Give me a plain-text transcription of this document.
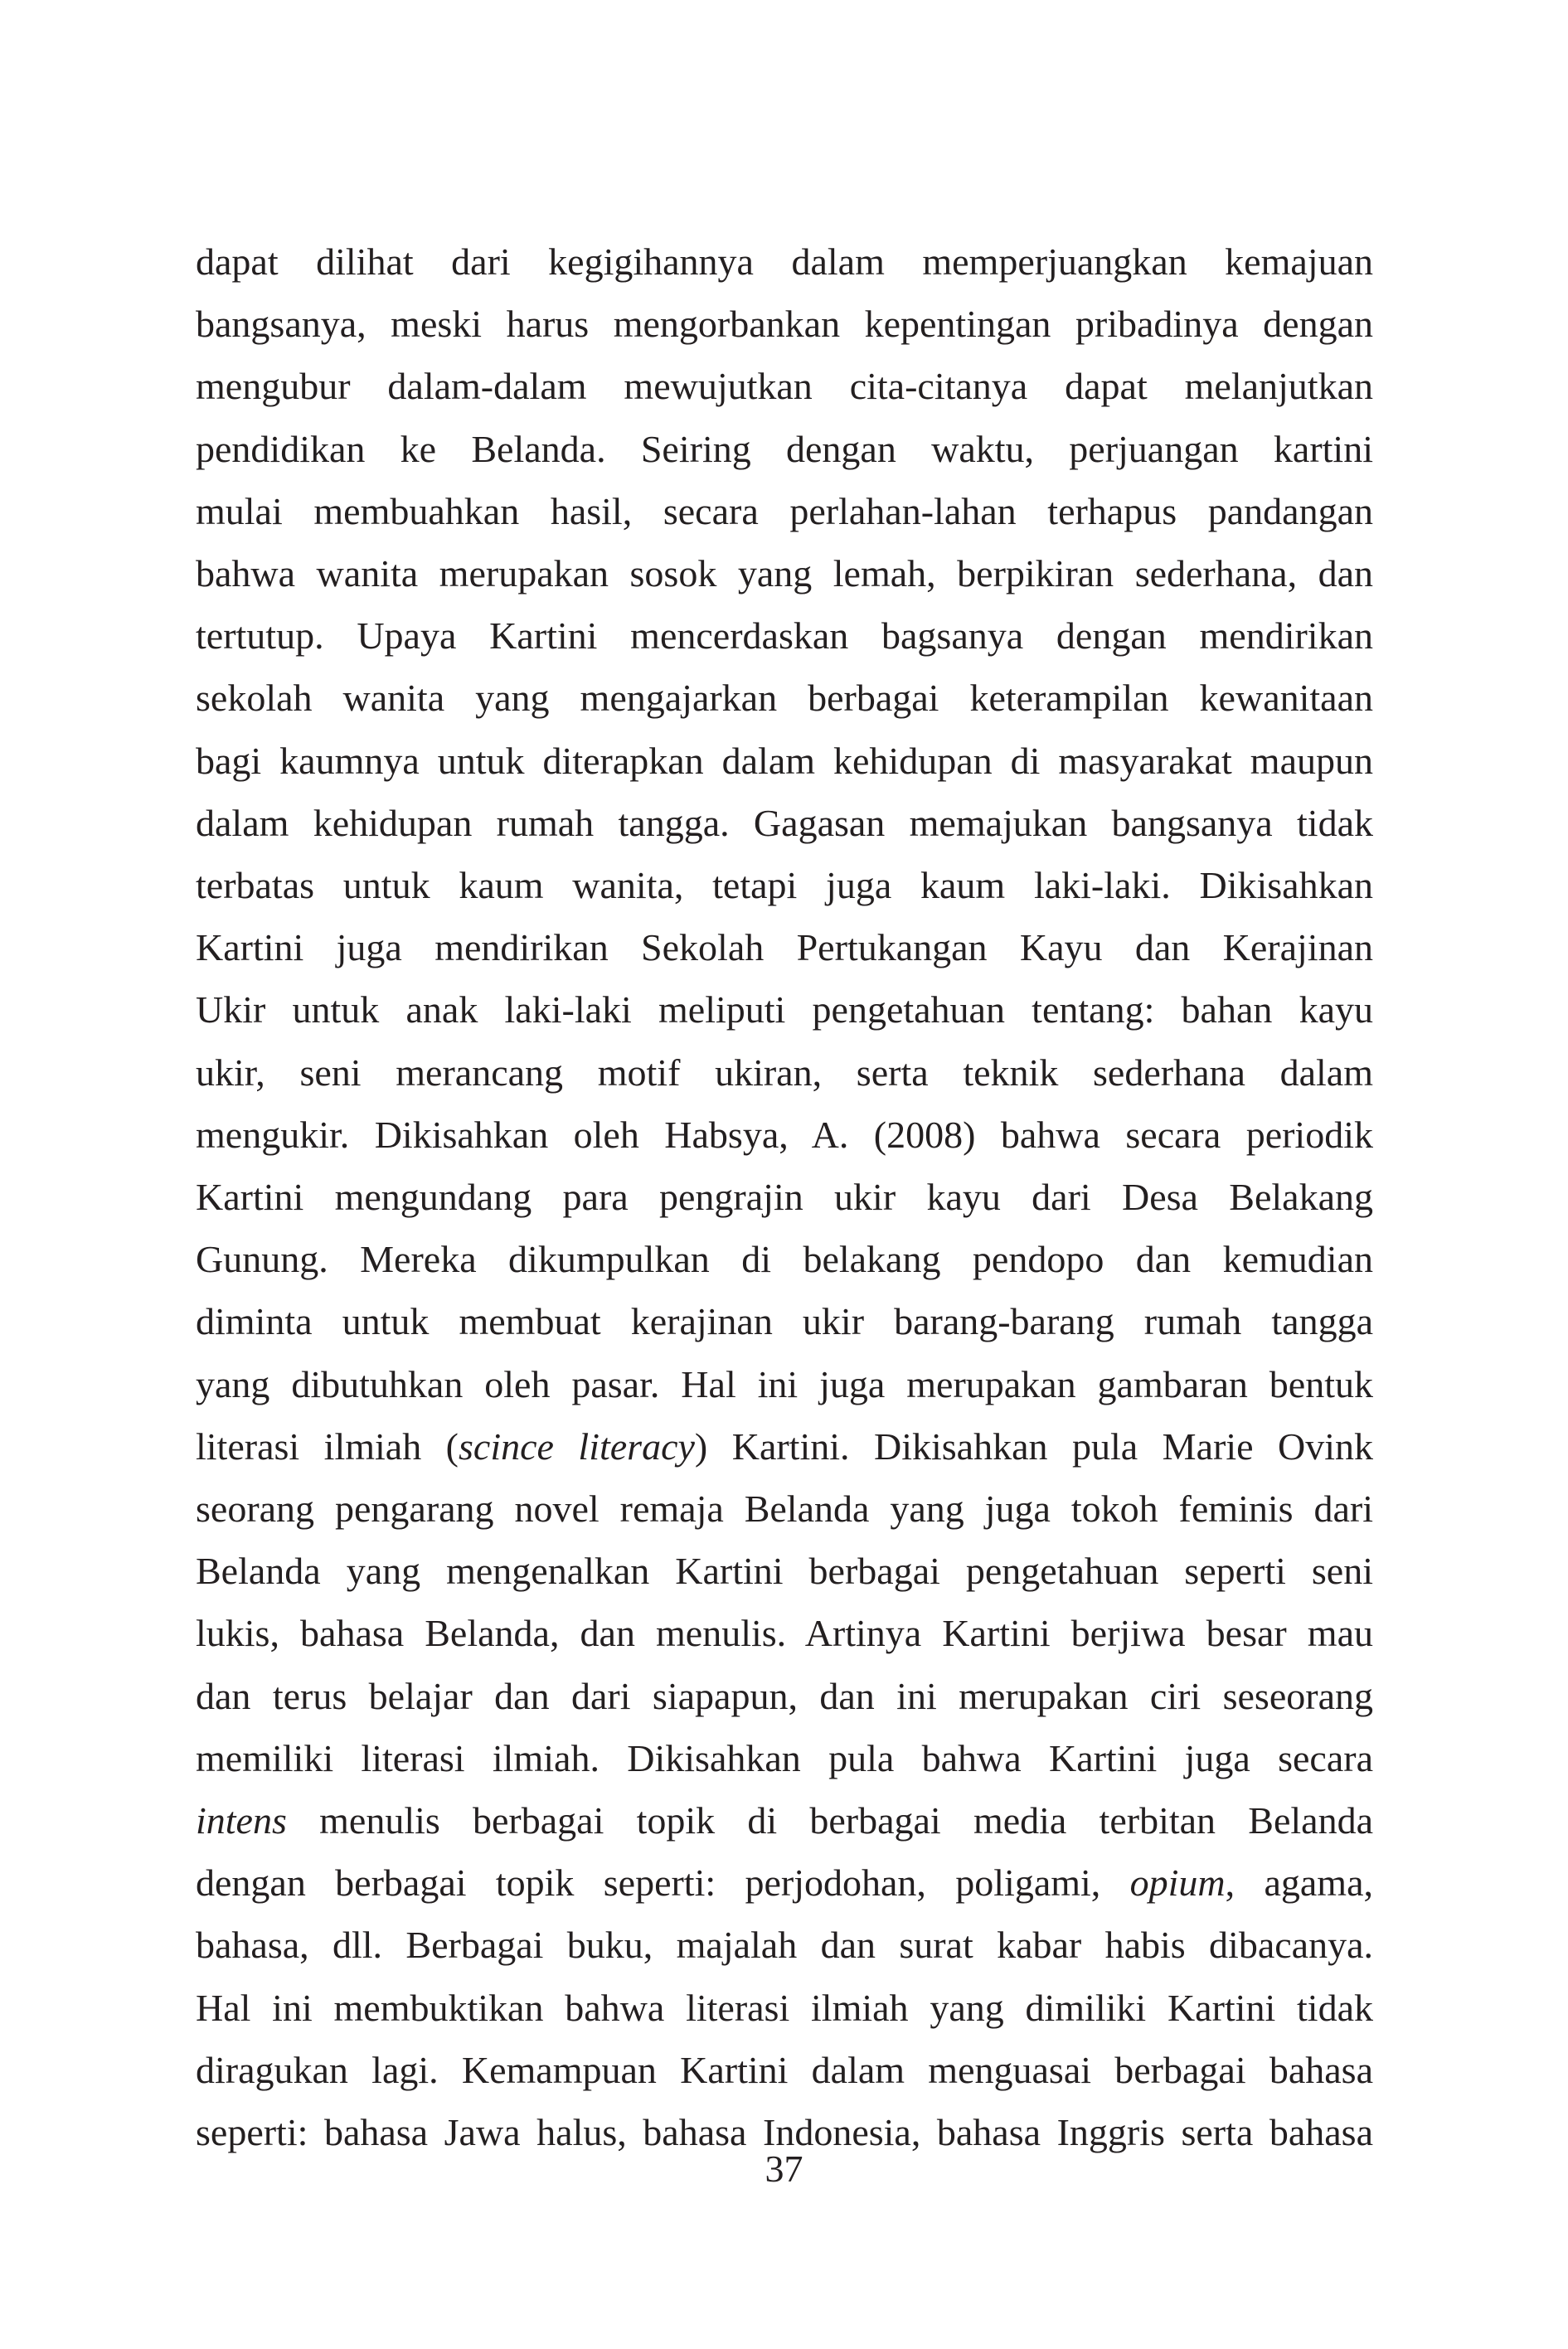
dapat dilihat dari kegigihannya dalam memperjuangkan kemajuan
bangsanya, meski harus mengorbankan kepentingan pribadinya dengan
mengubur dalam-dalam mewujutkan cita-citanya dapat melanjutkan
pendidikan ke Belanda. Seiring dengan waktu, perjuangan kartini
mulai membuahkan hasil, secara perlahan-lahan terhapus pandangan
bahwa wanita merupakan sosok yang lemah, berpikiran sederhana, dan
tertutup. Upaya Kartini mencerdaskan bagsanya dengan mendirikan
sekolah wanita yang mengajarkan berbagai keterampilan kewanitaan
bagi kaumnya untuk diterapkan dalam kehidupan di masyarakat maupun
dalam kehidupan rumah tangga. Gagasan memajukan bangsanya tidak
terbatas untuk kaum wanita, tetapi juga kaum laki-laki. Dikisahkan
Kartini juga mendirikan Sekolah Pertukangan Kayu dan Kerajinan
Ukir untuk anak laki-laki meliputi pengetahuan tentang: bahan kayu
ukir, seni merancang motif ukiran, serta teknik sederhana dalam
mengukir. Dikisahkan oleh Habsya, A. (2008) bahwa secara periodik
Kartini mengundang para pengrajin ukir kayu dari Desa Belakang
Gunung. Mereka dikumpulkan di belakang pendopo dan kemudian
diminta untuk membuat kerajinan ukir barang-barang rumah tangga
yang dibutuhkan oleh pasar. Hal ini juga merupakan gambaran bentuk
literasi ilmiah (scince literacy) Kartini. Dikisahkan pula Marie Ovink
seorang pengarang novel remaja Belanda yang juga tokoh feminis dari
Belanda yang mengenalkan Kartini berbagai pengetahuan seperti seni
lukis, bahasa Belanda, dan menulis. Artinya Kartini berjiwa besar mau
dan terus belajar dan dari siapapun, dan ini merupakan ciri seseorang
memiliki literasi ilmiah. Dikisahkan pula bahwa Kartini juga secara
intens menulis berbagai topik di berbagai media terbitan Belanda
dengan berbagai topik seperti: perjodohan, poligami, opium, agama,
bahasa, dll. Berbagai buku, majalah dan surat kabar habis dibacanya.
Hal ini membuktikan bahwa literasi ilmiah yang dimiliki Kartini tidak
diragukan lagi. Kemampuan Kartini dalam menguasai berbagai bahasa
seperti: bahasa Jawa halus, bahasa Indonesia, bahasa Inggris serta bahasa
37
